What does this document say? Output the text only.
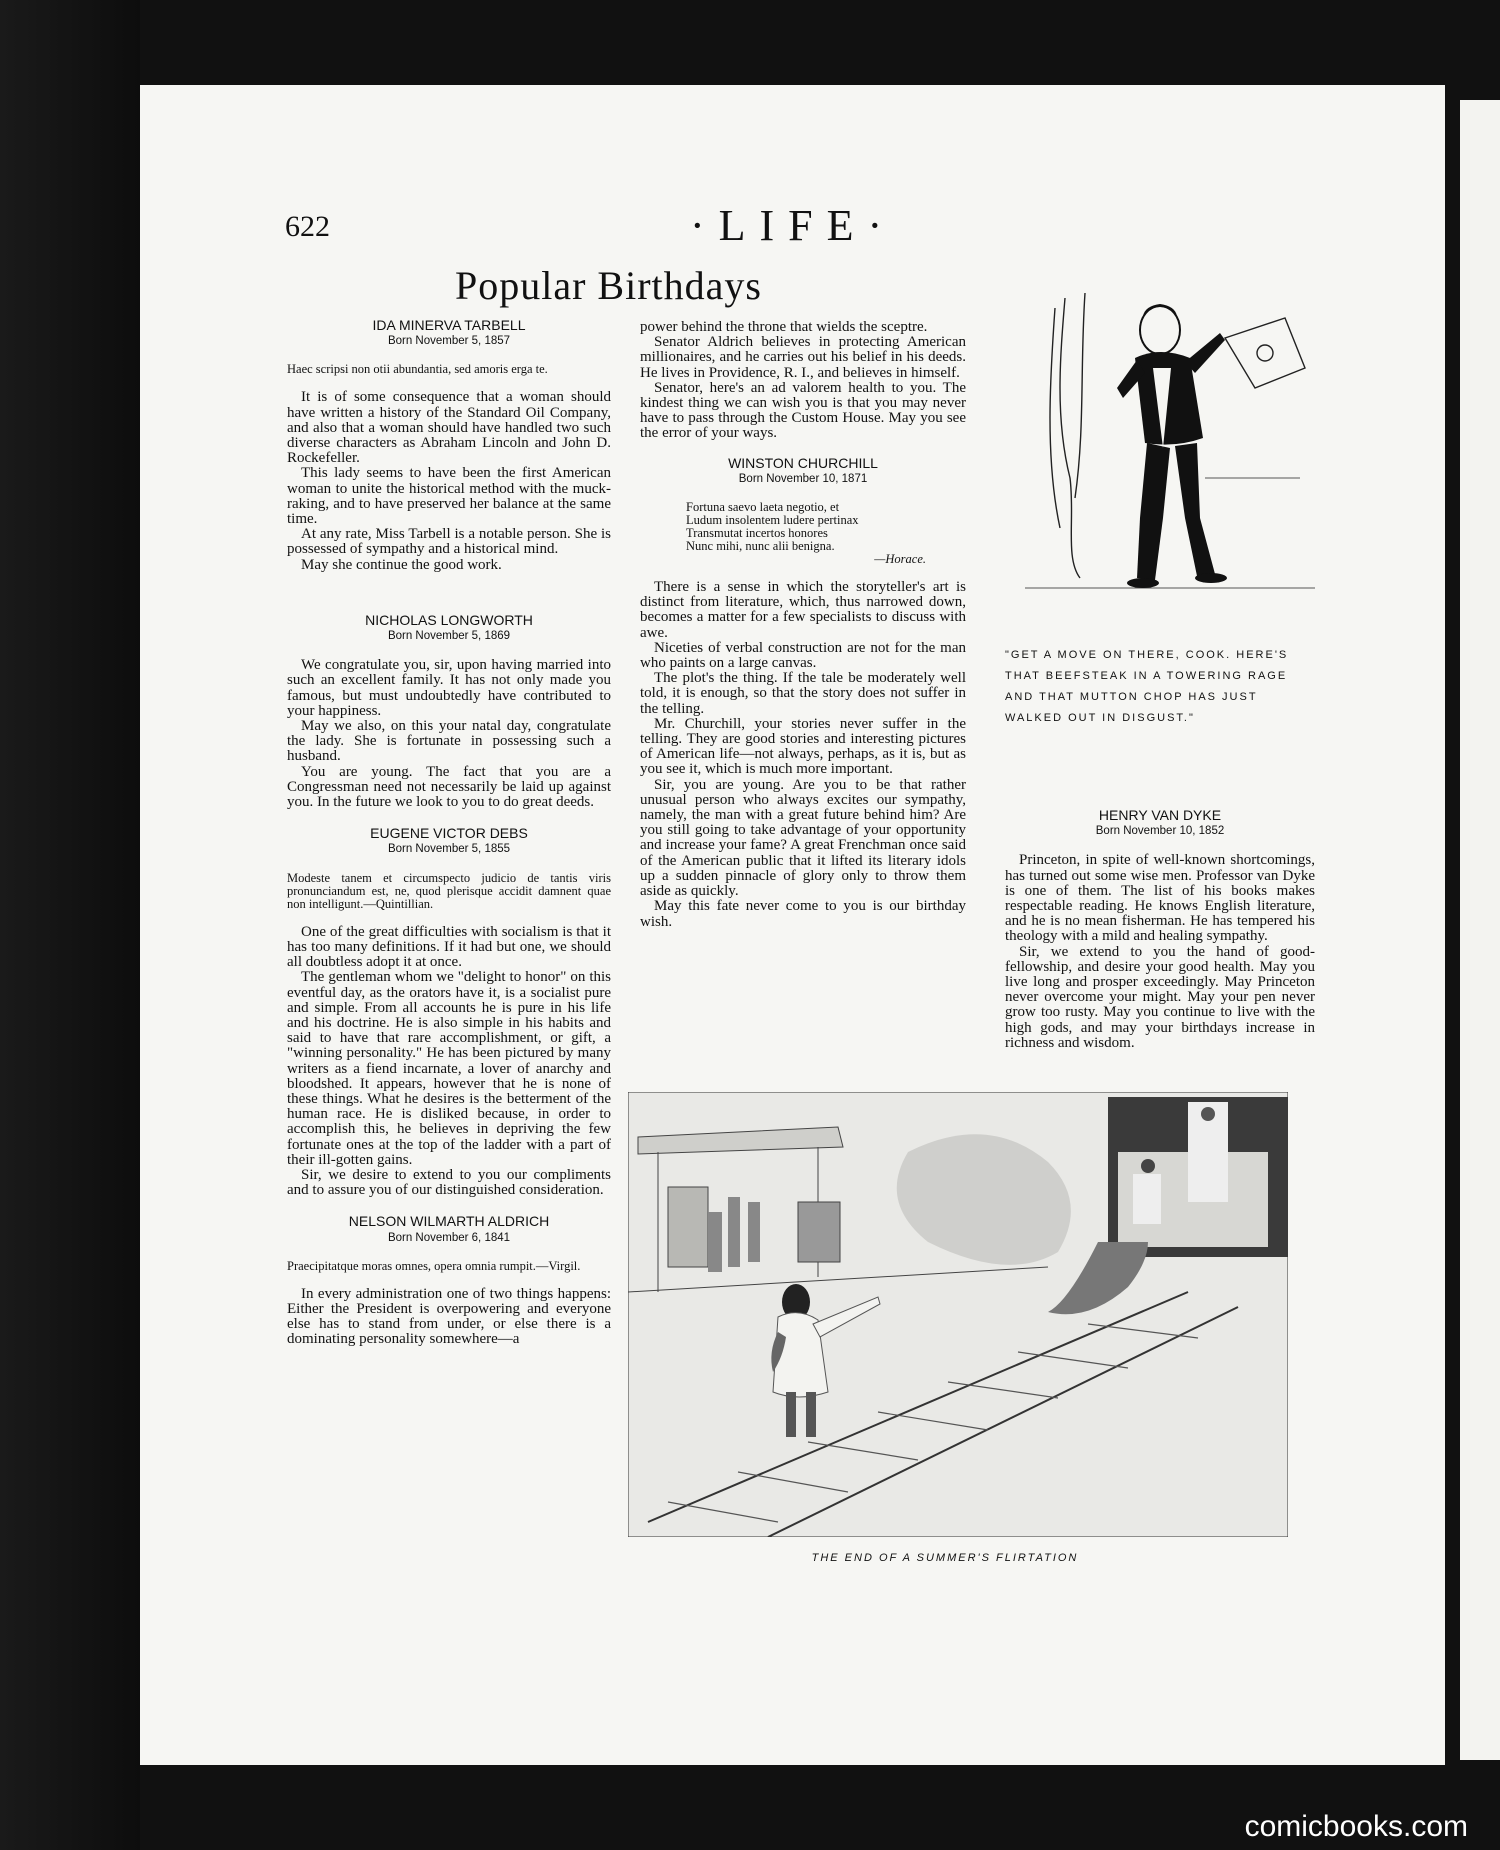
622	·LIFE·
Popular Birthdays

IDA MINERVA TARBELL

Born November 5, 1857

Haec scripsi non otii abundantia, sed amoris erga te.

It is of some consequence that a woman should have written a history of the Standard Oil Company, and also that a woman should have handled two such diverse characters as Abraham Lincoln and John D. Rockefeller.

This lady seems to have been the first American woman to unite the historical method with the muck-raking, and to have preserved her balance at the same time.

At any rate, Miss Tarbell is a notable person. She is possessed of sympathy and a historical mind.

May she continue the good work.

NICHOLAS LONGWORTH

Born November 5, 1869

We congratulate you, sir, upon having married into such an excellent family. It has not only made you famous, but must undoubtedly have contributed to your happiness.

May we also, on this your natal day, congratulate the lady. She is fortunate in possessing such a husband.

You are young. The fact that you are a Congressman need not necessarily be laid up against you. In the future we look to you to do great deeds.

EUGENE VICTOR DEBS

Born November 5, 1855

Modeste tanem et circumspecto judicio de tantis viris pronunciandum est, ne, quod plerisque accidit damnent quae non intelligunt.—Quintillian.

One of the great difficulties with socialism is that it has too many definitions. If it had but one, we should all doubtless adopt it at once.

The gentleman whom we "delight to honor" on this eventful day, as the orators have it, is a socialist pure and simple. From all accounts he is pure in his life and his doctrine. He is also simple in his habits and said to have that rare accomplishment, or gift, a "winning personality." He has been pictured by many writers as a fiend incarnate, a lover of anarchy and bloodshed. It appears, however that he is none of these things. What he desires is the betterment of the human race. He is disliked because, in order to accomplish this, he believes in depriving the few fortunate ones at the top of the ladder with a part of their ill-gotten gains.

Sir, we desire to extend to you our compliments and to assure you of our distinguished consideration.

NELSON WILMARTH ALDRICH

Born November 6, 1841

Praecipitatque moras omnes, opera omnia rumpit.—Virgil.

In every administration one of two things happens: Either the President is overpowering and everyone else has to stand from under, or else there is a dominating personality somewhere—a

power behind the throne that wields the sceptre.

Senator Aldrich believes in protecting American millionaires, and he carries out his belief in his deeds. He lives in Providence, R. I., and believes in himself.

Senator, here's an ad valorem health to you. The kindest thing we can wish you is that you may never have to pass through the Custom House. May you see the error of your ways.

WINSTON CHURCHILL

Born November 10, 1871

Fortuna saevo laeta negotio, et
Ludum insolentem ludere pertinax
Transmutat incertos honores
Nunc mihi, nunc alii benigna.
—Horace.

There is a sense in which the storyteller's art is distinct from literature, which, thus narrowed down, becomes a matter for a few specialists to discuss with awe.

Niceties of verbal construction are not for the man who paints on a large canvas.

The plot's the thing. If the tale be moderately well told, it is enough, so that the story does not suffer in the telling.

Mr. Churchill, your stories never suffer in the telling. They are good stories and interesting pictures of American life—not always, perhaps, as it is, but as you see it, which is much more important.

Sir, you are young. Are you to be that rather unusual person who always excites our sympathy, namely, the man with a great future behind him? Are you still going to take advantage of your opportunity and increase your fame? A great Frenchman once said of the American public that it lifted its literary idols up a sudden pinnacle of glory only to throw them aside as quickly.

May this fate never come to you is our birthday wish.

"GET A MOVE ON THERE, COOK. HERE'S THAT BEEFSTEAK IN A TOWERING RAGE AND THAT MUTTON CHOP HAS JUST WALKED OUT IN DISGUST."

HENRY VAN DYKE

Born November 10, 1852

Princeton, in spite of well-known shortcomings, has turned out some wise men. Professor van Dyke is one of them. The list of his books makes respectable reading. He knows English literature, and he is no mean fisherman. He has tempered his theology with a mild and healing sympathy.

Sir, we extend to you the hand of good-fellowship, and desire your good health. May you live long and prosper exceedingly. May Princeton never overcome your might. May your pen never grow too rusty. May you continue to live with the high gods, and may your birthdays increase in richness and wisdom.

THE END OF A SUMMER'S FLIRTATION
comicbooks.com
